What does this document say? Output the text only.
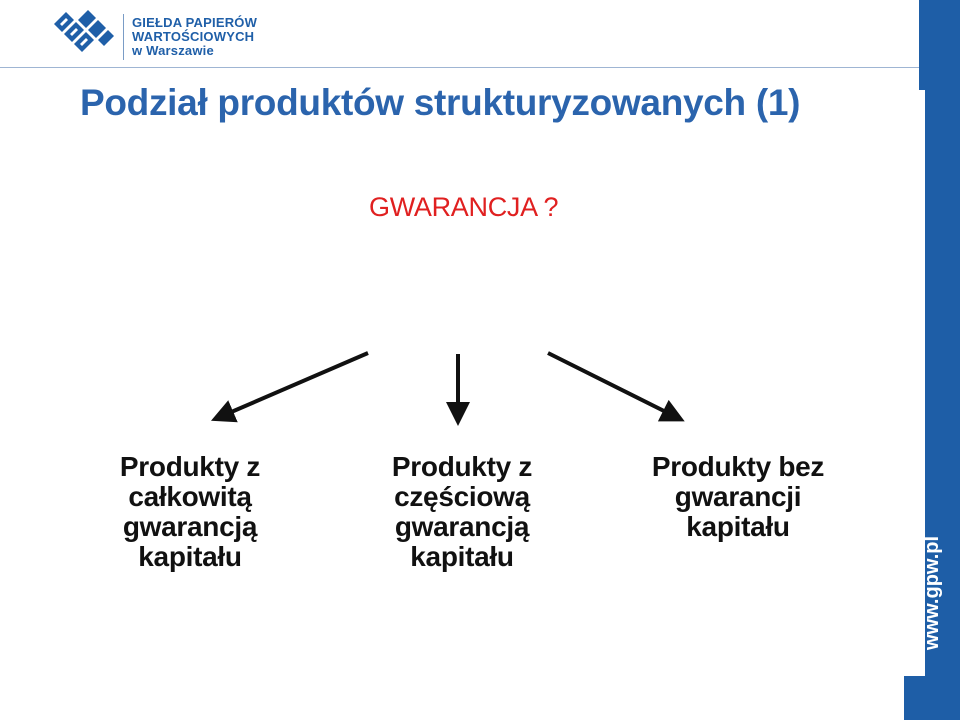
GIEŁDA PAPIERÓW
WARTOŚCIOWYCH
w Warszawie
www.gpw.pl
Podział produktów strukturyzowanych (1)
GWARANCJA ?
Produkty z
całkowitą
gwarancją
kapitału
Produkty z
częściową
gwarancją
kapitału
Produkty bez
gwarancji
kapitału
